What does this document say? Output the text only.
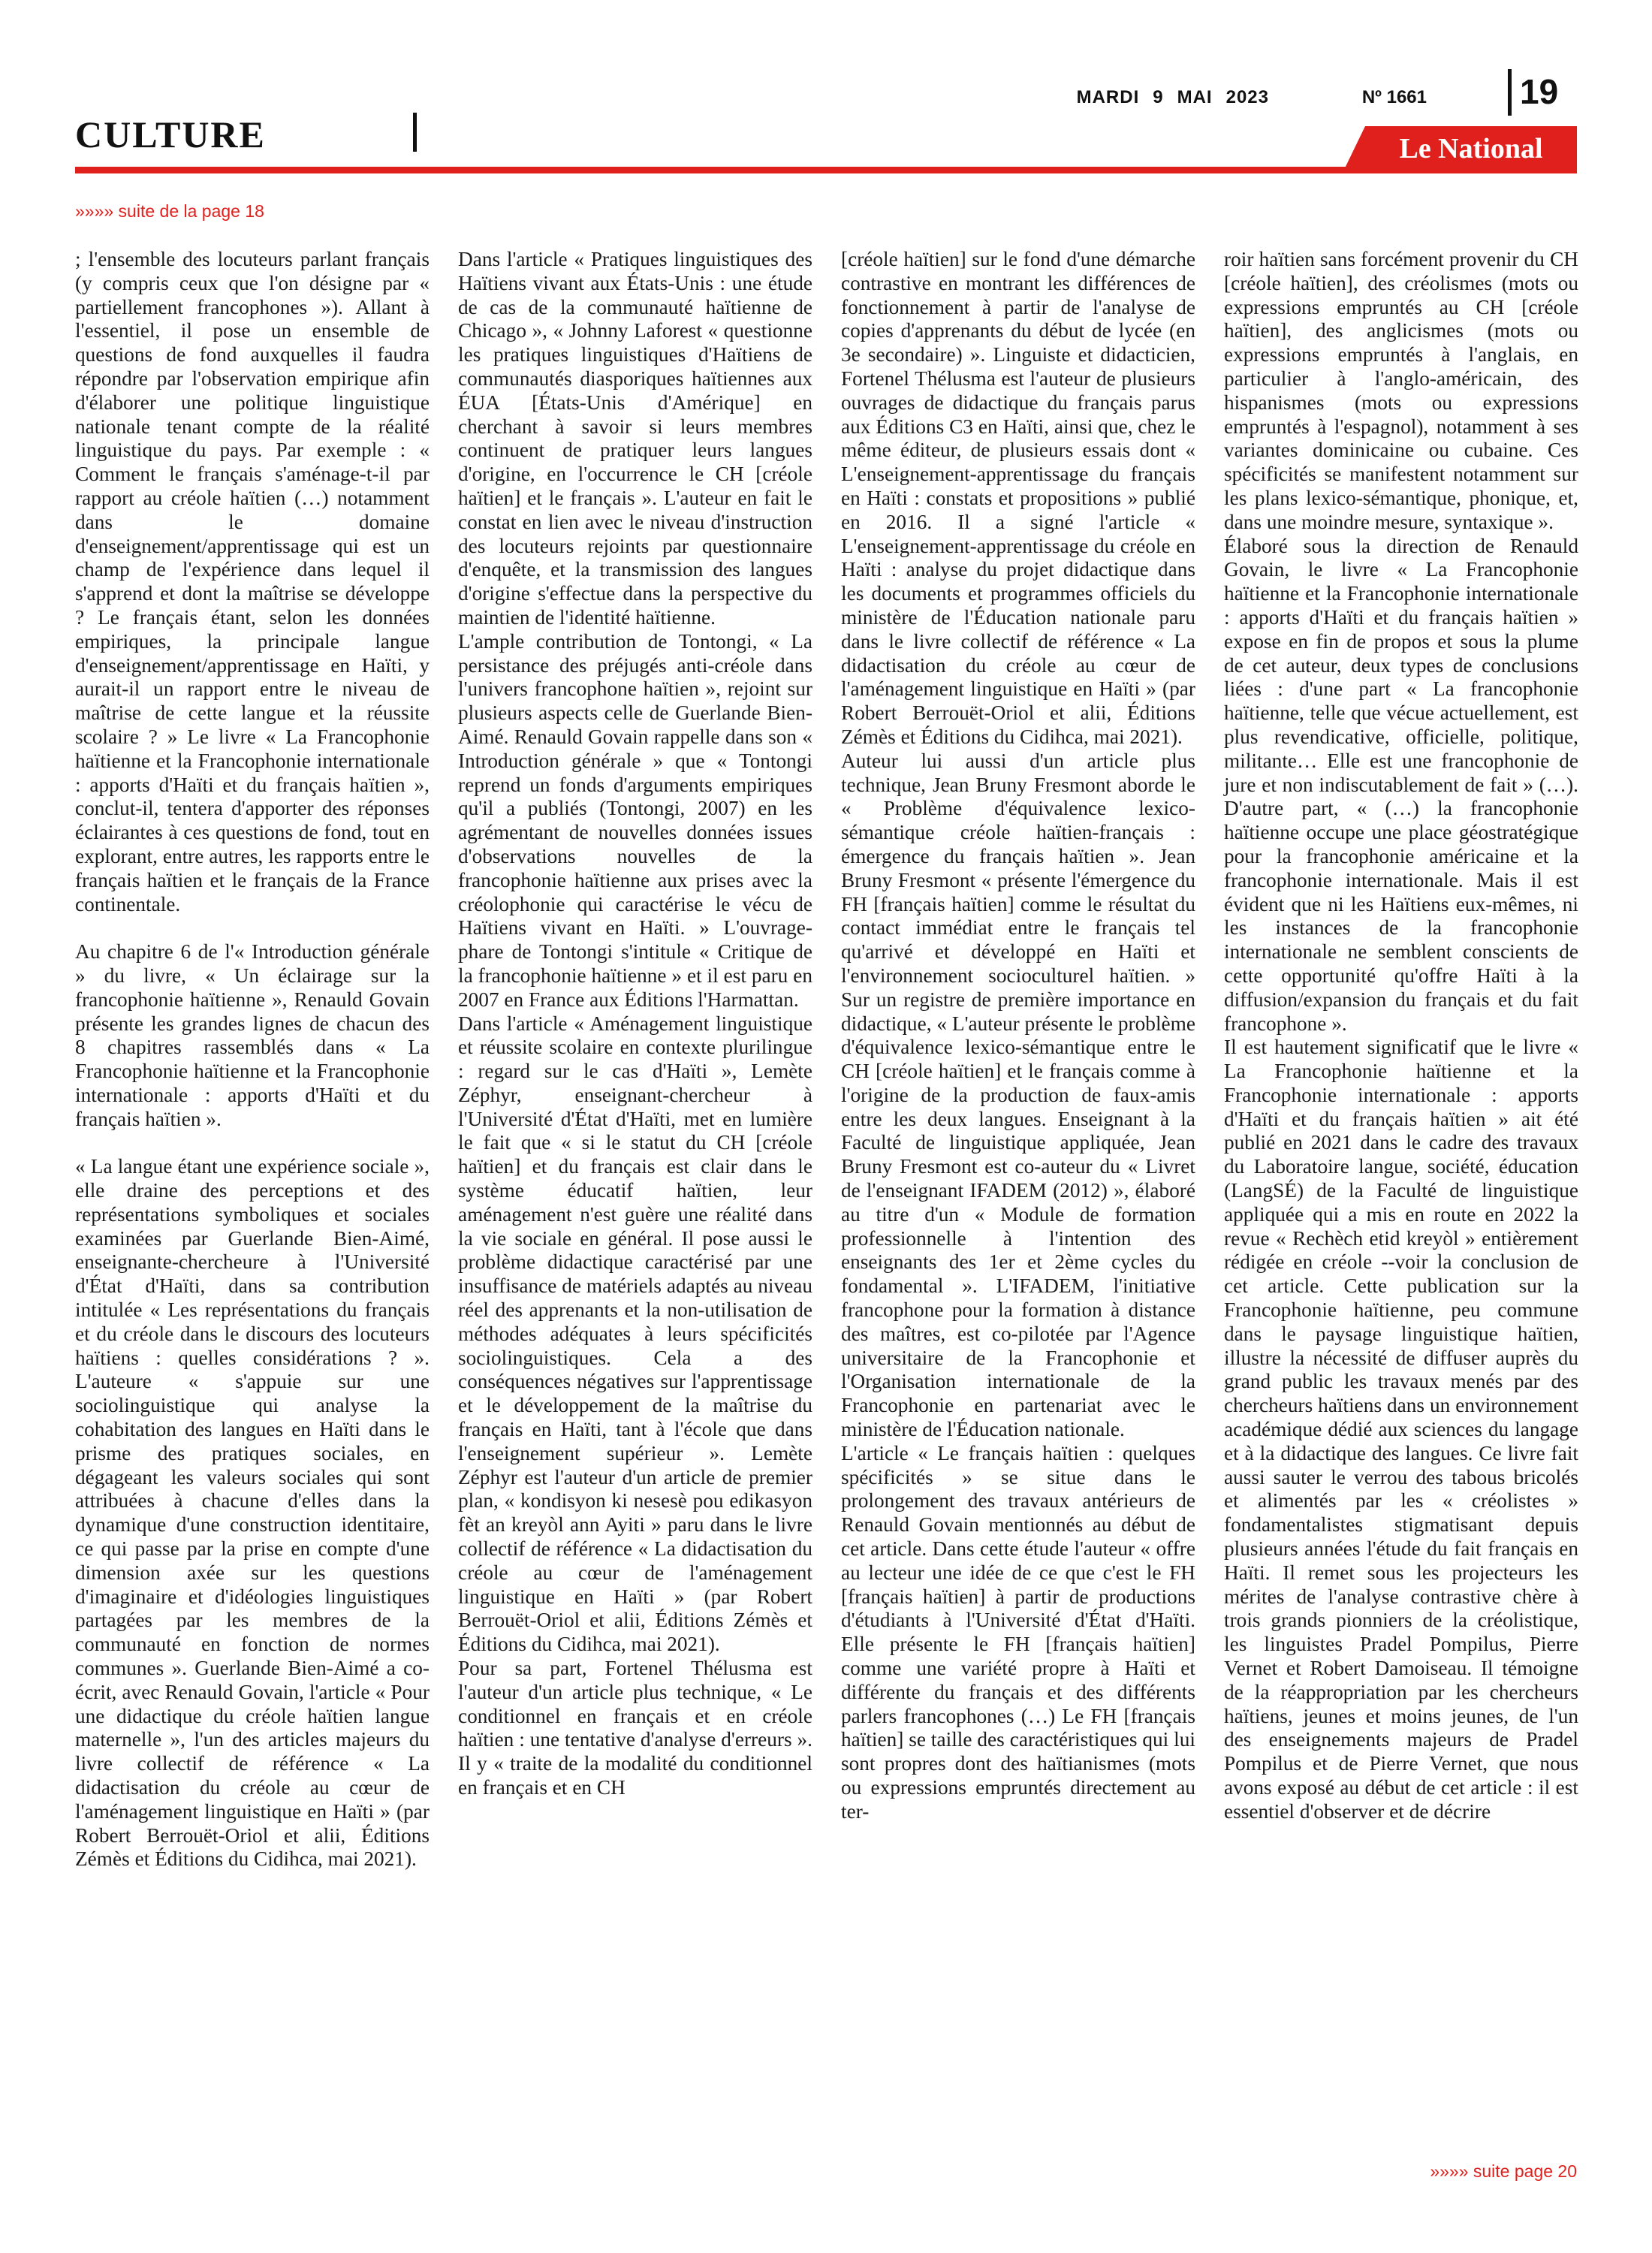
CULTURE
MARDI 9 MAI 2023	Nº 1661	19
Le National
»»»» suite de la page 18

; l'ensemble des locuteurs parlant français (y compris ceux que l'on désigne par « partiellement francophones »). Allant à l'essentiel, il pose un ensemble de questions de fond auxquelles il faudra répondre par l'observation empirique afin d'élaborer une politique linguistique nationale tenant compte de la réalité linguistique du pays. Par exemple : « Comment le français s'aménage-t-il par rapport au créole haïtien (…) notamment dans le domaine d'enseignement/apprentissage qui est un champ de l'expérience dans lequel il s'apprend et dont la maîtrise se développe ? Le français étant, selon les données empiriques, la principale langue d'enseignement/apprentissage en Haïti, y aurait-il un rapport entre le niveau de maîtrise de cette langue et la réussite scolaire ? » Le livre « La Francophonie haïtienne et la Francophonie internationale : apports d'Haïti et du français haïtien », conclut-il, tentera d'apporter des réponses éclairantes à ces questions de fond, tout en explorant, entre autres, les rapports entre le français haïtien et le français de la France continentale.

Au chapitre 6 de l'« Introduction générale » du livre, « Un éclairage sur la francophonie haïtienne », Renauld Govain présente les grandes lignes de chacun des 8 chapitres rassemblés dans « La Francophonie haïtienne et la Francophonie internationale : apports d'Haïti et du français haïtien ».

« La langue étant une expérience sociale », elle draine des perceptions et des représentations symboliques et sociales examinées par Guerlande Bien-Aimé, enseignante-chercheure à l'Université d'État d'Haïti, dans sa contribution intitulée « Les représentations du français et du créole dans le discours des locuteurs haïtiens : quelles considérations ? ». L'auteure « s'appuie sur une sociolinguistique qui analyse la cohabitation des langues en Haïti dans le prisme des pratiques sociales, en dégageant les valeurs sociales qui sont attribuées à chacune d'elles dans la dynamique d'une construction identitaire, ce qui passe par la prise en compte d'une dimension axée sur les questions d'imaginaire et d'idéologies linguistiques partagées par les membres de la communauté en fonction de normes communes ». Guerlande Bien-Aimé a co-écrit, avec Renauld Govain, l'article « Pour une didactique du créole haïtien langue maternelle », l'un des articles majeurs du livre collectif de référence « La didactisation du créole au cœur de l'aménagement linguistique en Haïti » (par Robert Berrouët-Oriol et alii, Éditions Zémès et Éditions du Cidihca, mai 2021).

Dans l'article « Pratiques linguistiques des Haïtiens vivant aux États-Unis : une étude de cas de la communauté haïtienne de Chicago », « Johnny Laforest « questionne les pratiques linguistiques d'Haïtiens de communautés diasporiques haïtiennes aux ÉUA [États-Unis d'Amérique] en cherchant à savoir si leurs membres continuent de pratiquer leurs langues d'origine, en l'occurrence le CH [créole haïtien] et le français ». L'auteur en fait le constat en lien avec le niveau d'instruction des locuteurs rejoints par questionnaire d'enquête, et la transmission des langues d'origine s'effectue dans la perspective du maintien de l'identité haïtienne.

L'ample contribution de Tontongi, « La persistance des préjugés anti-créole dans l'univers francophone haïtien », rejoint sur plusieurs aspects celle de Guerlande Bien-Aimé. Renauld Govain rappelle dans son « Introduction générale » que « Tontongi reprend un fonds d'arguments empiriques qu'il a publiés (Tontongi, 2007) en les agrémentant de nouvelles données issues d'observations nouvelles de la francophonie haïtienne aux prises avec la créolophonie qui caractérise le vécu de Haïtiens vivant en Haïti. » L'ouvrage-phare de Tontongi s'intitule « Critique de la francophonie haïtienne » et il est paru en 2007 en France aux Éditions l'Harmattan.

Dans l'article « Aménagement linguistique et réussite scolaire en contexte plurilingue : regard sur le cas d'Haïti », Lemète Zéphyr, enseignant-chercheur à l'Université d'État d'Haïti, met en lumière le fait que « si le statut du CH [créole haïtien] et du français est clair dans le système éducatif haïtien, leur aménagement n'est guère une réalité dans la vie sociale en général. Il pose aussi le problème didactique caractérisé par une insuffisance de matériels adaptés au niveau réel des apprenants et la non-utilisation de méthodes adéquates à leurs spécificités sociolinguistiques. Cela a des conséquences négatives sur l'apprentissage et le développement de la maîtrise du français en Haïti, tant à l'école que dans l'enseignement supérieur ». Lemète Zéphyr est l'auteur d'un article de premier plan, « kondisyon ki nesesè pou edikasyon fèt an kreyòl ann Ayiti » paru dans le livre collectif de référence « La didactisation du créole au cœur de l'aménagement linguistique en Haïti » (par Robert Berrouët-Oriol et alii, Éditions Zémès et Éditions du Cidihca, mai 2021).

Pour sa part, Fortenel Thélusma est l'auteur d'un article plus technique, « Le conditionnel en français et en créole haïtien : une tentative d'analyse d'erreurs ». Il y « traite de la modalité du conditionnel en français et en CH

[créole haïtien] sur le fond d'une démarche contrastive en montrant les différences de fonctionnement à partir de l'analyse de copies d'apprenants du début de lycée (en 3e secondaire) ». Linguiste et didacticien, Fortenel Thélusma est l'auteur de plusieurs ouvrages de didactique du français parus aux Éditions C3 en Haïti, ainsi que, chez le même éditeur, de plusieurs essais dont « L'enseignement-apprentissage du français en Haïti : constats et propositions » publié en 2016. Il a signé l'article « L'enseignement-apprentissage du créole en Haïti : analyse du projet didactique dans les documents et programmes officiels du ministère de l'Éducation nationale paru dans le livre collectif de référence « La didactisation du créole au cœur de l'aménagement linguistique en Haïti » (par Robert Berrouët-Oriol et alii, Éditions Zémès et Éditions du Cidihca, mai 2021).

Auteur lui aussi d'un article plus technique, Jean Bruny Fresmont aborde le « Problème d'équivalence lexico-sémantique créole haïtien-français : émergence du français haïtien ». Jean Bruny Fresmont « présente l'émergence du FH [français haïtien] comme le résultat du contact immédiat entre le français tel qu'arrivé et développé en Haïti et l'environnement socioculturel haïtien. » Sur un registre de première importance en didactique, « L'auteur présente le problème d'équivalence lexico-sémantique entre le CH [créole haïtien] et le français comme à l'origine de la production de faux-amis entre les deux langues. Enseignant à la Faculté de linguistique appliquée, Jean Bruny Fresmont est co-auteur du « Livret de l'enseignant IFADEM (2012) », élaboré au titre d'un « Module de formation professionnelle à l'intention des enseignants des 1er et 2ème cycles du fondamental ». L'IFADEM, l'initiative francophone pour la formation à distance des maîtres, est co-pilotée par l'Agence universitaire de la Francophonie et l'Organisation internationale de la Francophonie en partenariat avec le ministère de l'Éducation nationale.

L'article « Le français haïtien : quelques spécificités » se situe dans le prolongement des travaux antérieurs de Renauld Govain mentionnés au début de cet article. Dans cette étude l'auteur « offre au lecteur une idée de ce que c'est le FH [français haïtien] à partir de productions d'étudiants à l'Université d'État d'Haïti. Elle présente le FH [français haïtien] comme une variété propre à Haïti et différente du français et des différents parlers francophones (…) Le FH [français haïtien] se taille des caractéristiques qui lui sont propres dont des haïtianismes (mots ou expressions empruntés directement au ter-

roir haïtien sans forcément provenir du CH [créole haïtien], des créolismes (mots ou expressions empruntés au CH [créole haïtien], des anglicismes (mots ou expressions empruntés à l'anglais, en particulier à l'anglo-américain, des hispanismes (mots ou expressions empruntés à l'espagnol), notamment à ses variantes dominicaine ou cubaine. Ces spécificités se manifestent notamment sur les plans lexico-sémantique, phonique, et, dans une moindre mesure, syntaxique ».

Élaboré sous la direction de Renauld Govain, le livre « La Francophonie haïtienne et la Francophonie internationale : apports d'Haïti et du français haïtien » expose en fin de propos et sous la plume de cet auteur, deux types de conclusions liées : d'une part « La francophonie haïtienne, telle que vécue actuellement, est plus revendicative, officielle, politique, militante… Elle est une francophonie de jure et non indiscutablement de fait » (…). D'autre part, « (…) la francophonie haïtienne occupe une place géostratégique pour la francophonie américaine et la francophonie internationale. Mais il est évident que ni les Haïtiens eux-mêmes, ni les instances de la francophonie internationale ne semblent conscients de cette opportunité qu'offre Haïti à la diffusion/expansion du français et du fait francophone ».

Il est hautement significatif que le livre « La Francophonie haïtienne et la Francophonie internationale : apports d'Haïti et du français haïtien » ait été publié en 2021 dans le cadre des travaux du Laboratoire langue, société, éducation (LangSÉ) de la Faculté de linguistique appliquée qui a mis en route en 2022 la revue « Rechèch etid kreyòl » entièrement rédigée en créole --voir la conclusion de cet article. Cette publication sur la Francophonie haïtienne, peu commune dans le paysage linguistique haïtien, illustre la nécessité de diffuser auprès du grand public les travaux menés par des chercheurs haïtiens dans un environnement académique dédié aux sciences du langage et à la didactique des langues. Ce livre fait aussi sauter le verrou des tabous bricolés et alimentés par les « créolistes » fondamentalistes stigmatisant depuis plusieurs années l'étude du fait français en Haïti. Il remet sous les projecteurs les mérites de l'analyse contrastive chère à trois grands pionniers de la créolistique, les linguistes Pradel Pompilus, Pierre Vernet et Robert Damoiseau. Il témoigne de la réappropriation par les chercheurs haïtiens, jeunes et moins jeunes, de l'un des enseignements majeurs de Pradel Pompilus et de Pierre Vernet, que nous avons exposé au début de cet article : il est essentiel d'observer et de décrire

»»»» suite page 20
